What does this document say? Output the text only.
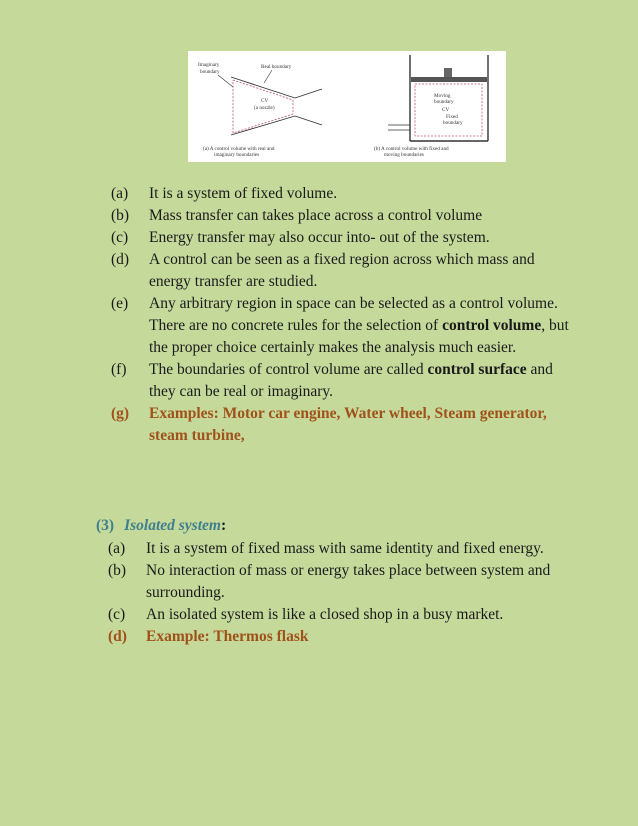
Imaginary
boundary
Real boundary
CV
(a nozzle)
(a) A control volume with real and
imaginary boundaries
Moving
boundary
CV
Fixed
boundary
(b) A control volume with fixed and
moving boundaries
(a)	It is a system of fixed volume.
(b)	Mass transfer can takes place across a control volume
(c)	Energy transfer may also occur into- out of the system.
(d)	A control can be seen as a fixed region across which mass and energy transfer are studied.
(e)	Any arbitrary region in space can be selected as a control volume. There are no concrete rules for the selection of control volume, but the proper choice certainly makes the analysis much easier.
(f)	The boundaries of control volume are called control surface and they can be real or imaginary.
(g)	Examples: Motor car engine, Water wheel, Steam generator, steam turbine,
(3) Isolated system:
(a)	It is a system of fixed mass with same identity and fixed energy.
(b)	No interaction of mass or energy takes place between system and surrounding.
(c)	An isolated system is like a closed shop in a busy market.
(d)	Example: Thermos flask
